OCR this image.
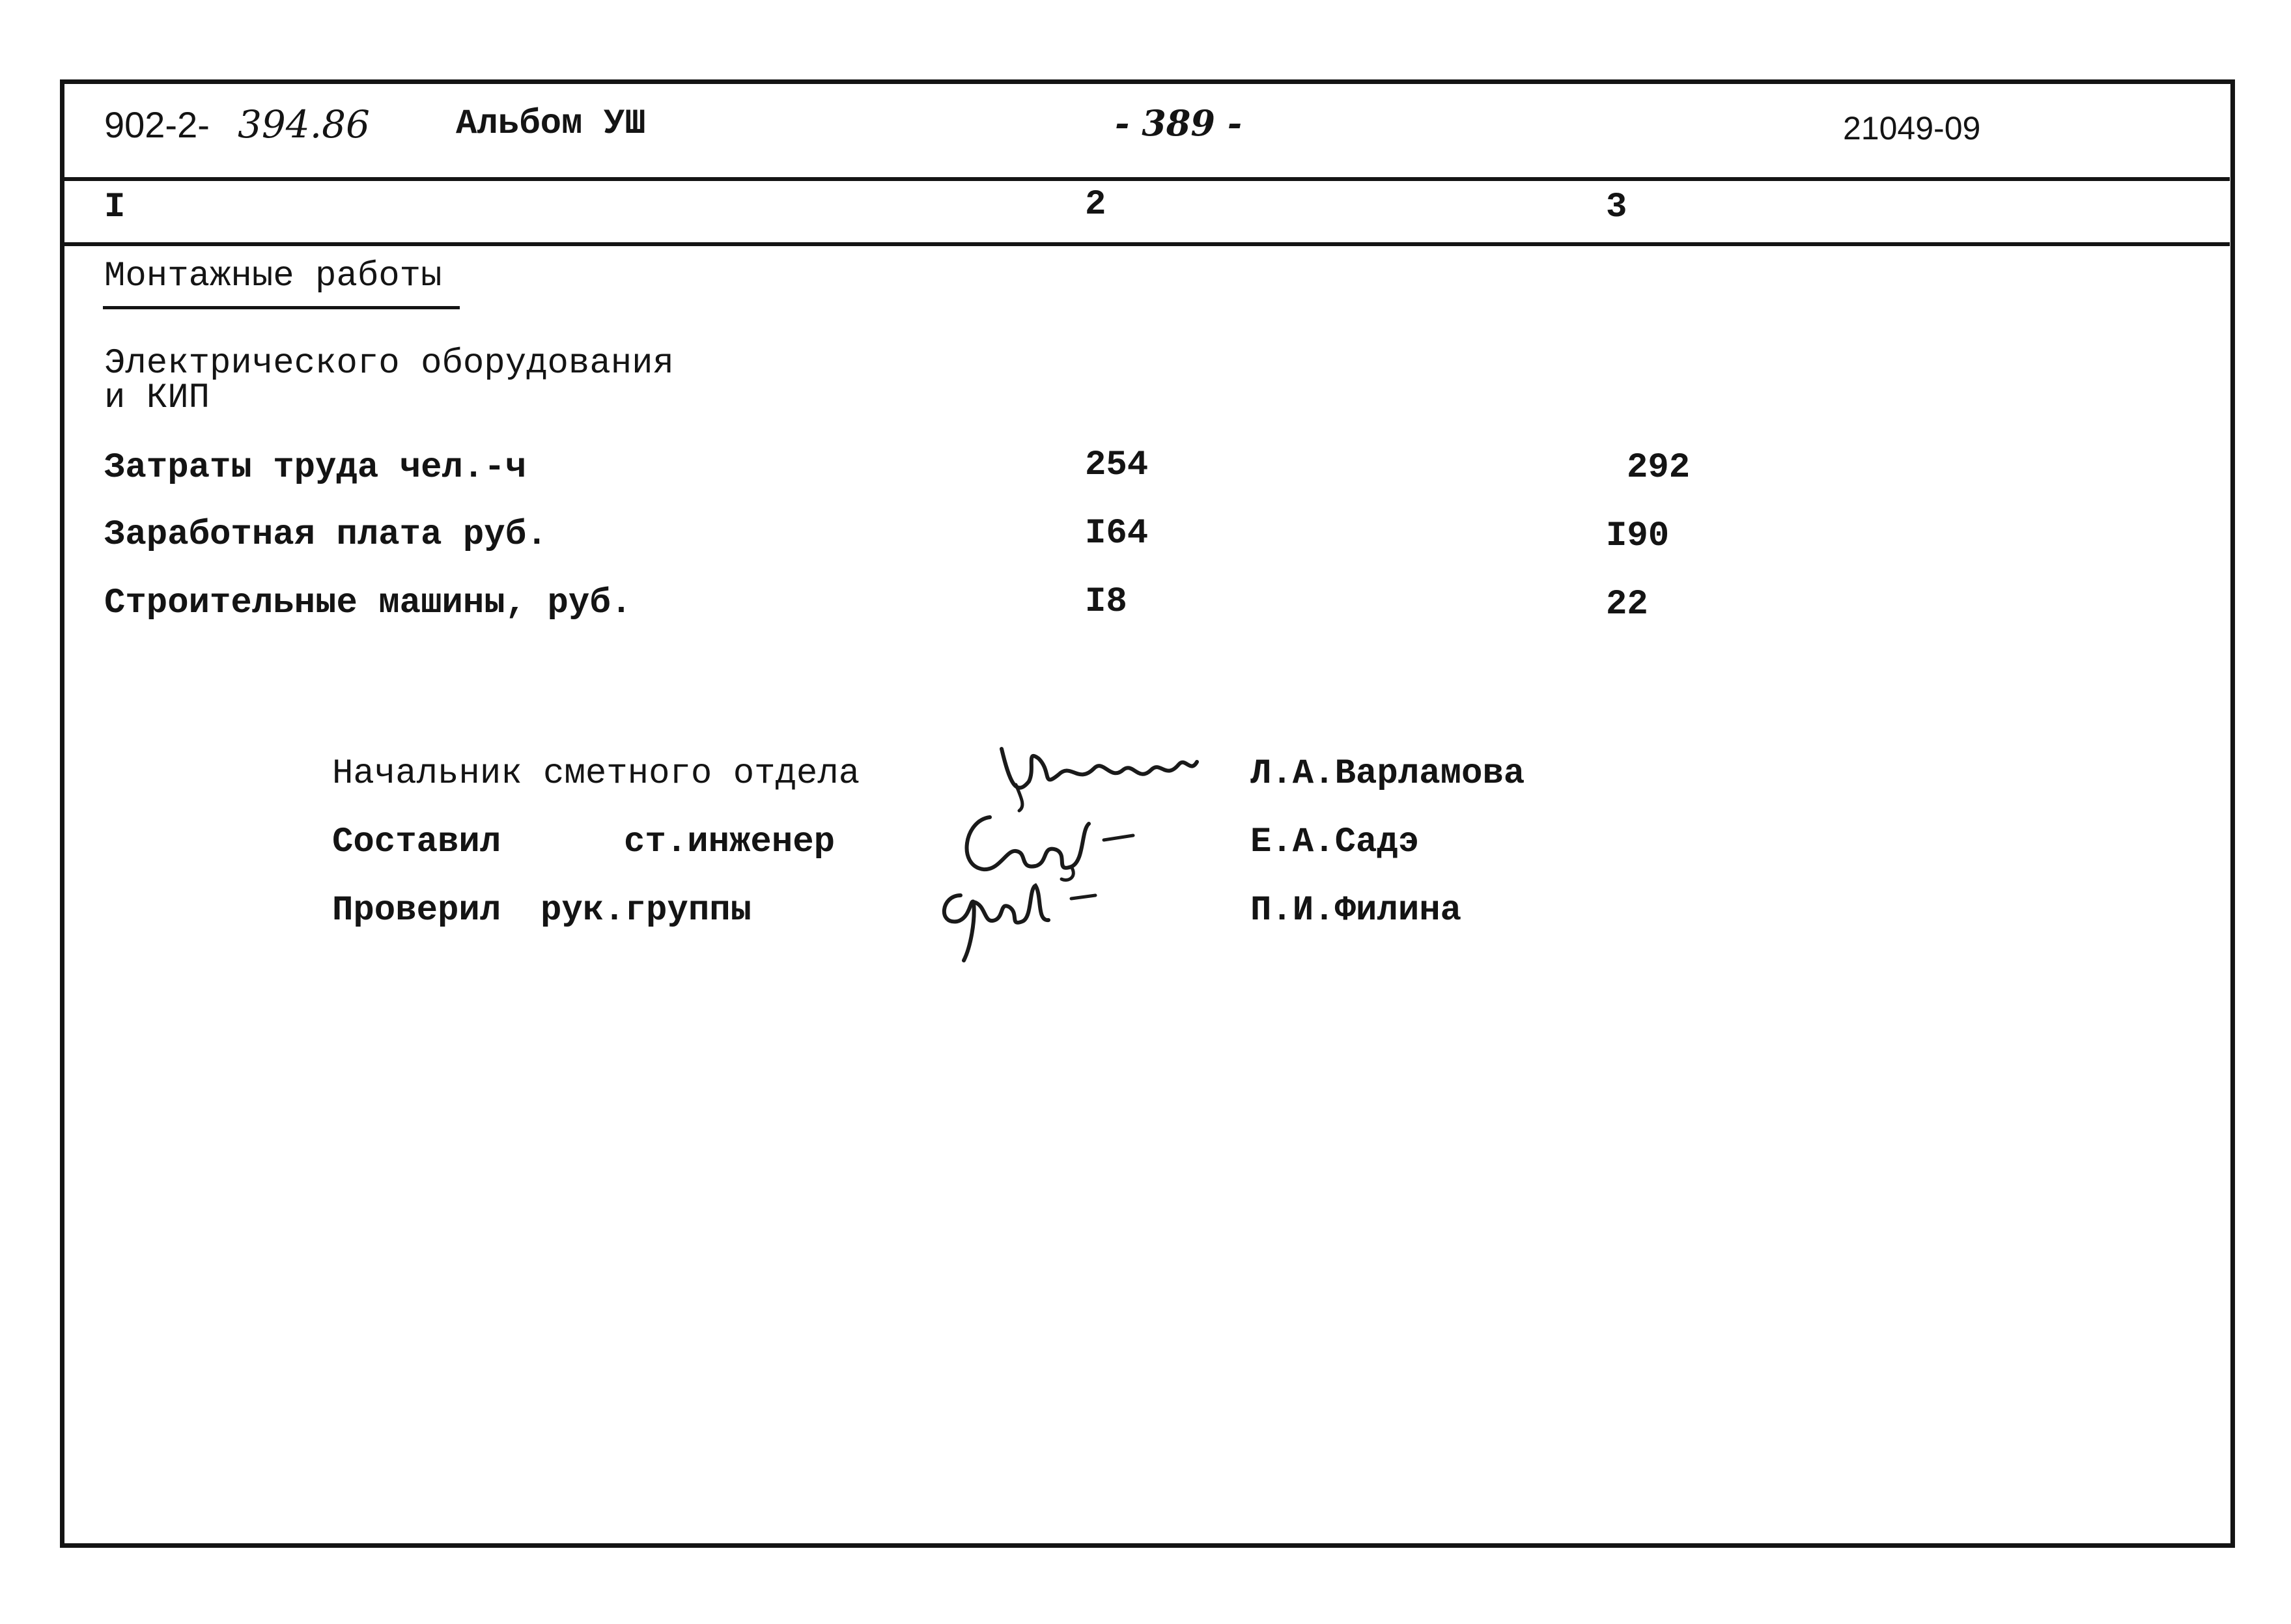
902-2- 394.86 Альбом УШ	- 389 -	21049-09
I	2	3
Монтажные работы
Электрического оборудования
и КИП
Затраты труда чел.-ч	254	292
Заработная плата руб.	I64	I90
Строительные машины, руб.	I8	22
Начальник сметного отдела	Л.А.Варламова
Составил	ст.инженер	Е.А.Садэ
Проверил рук.группы	П.И.Филина
